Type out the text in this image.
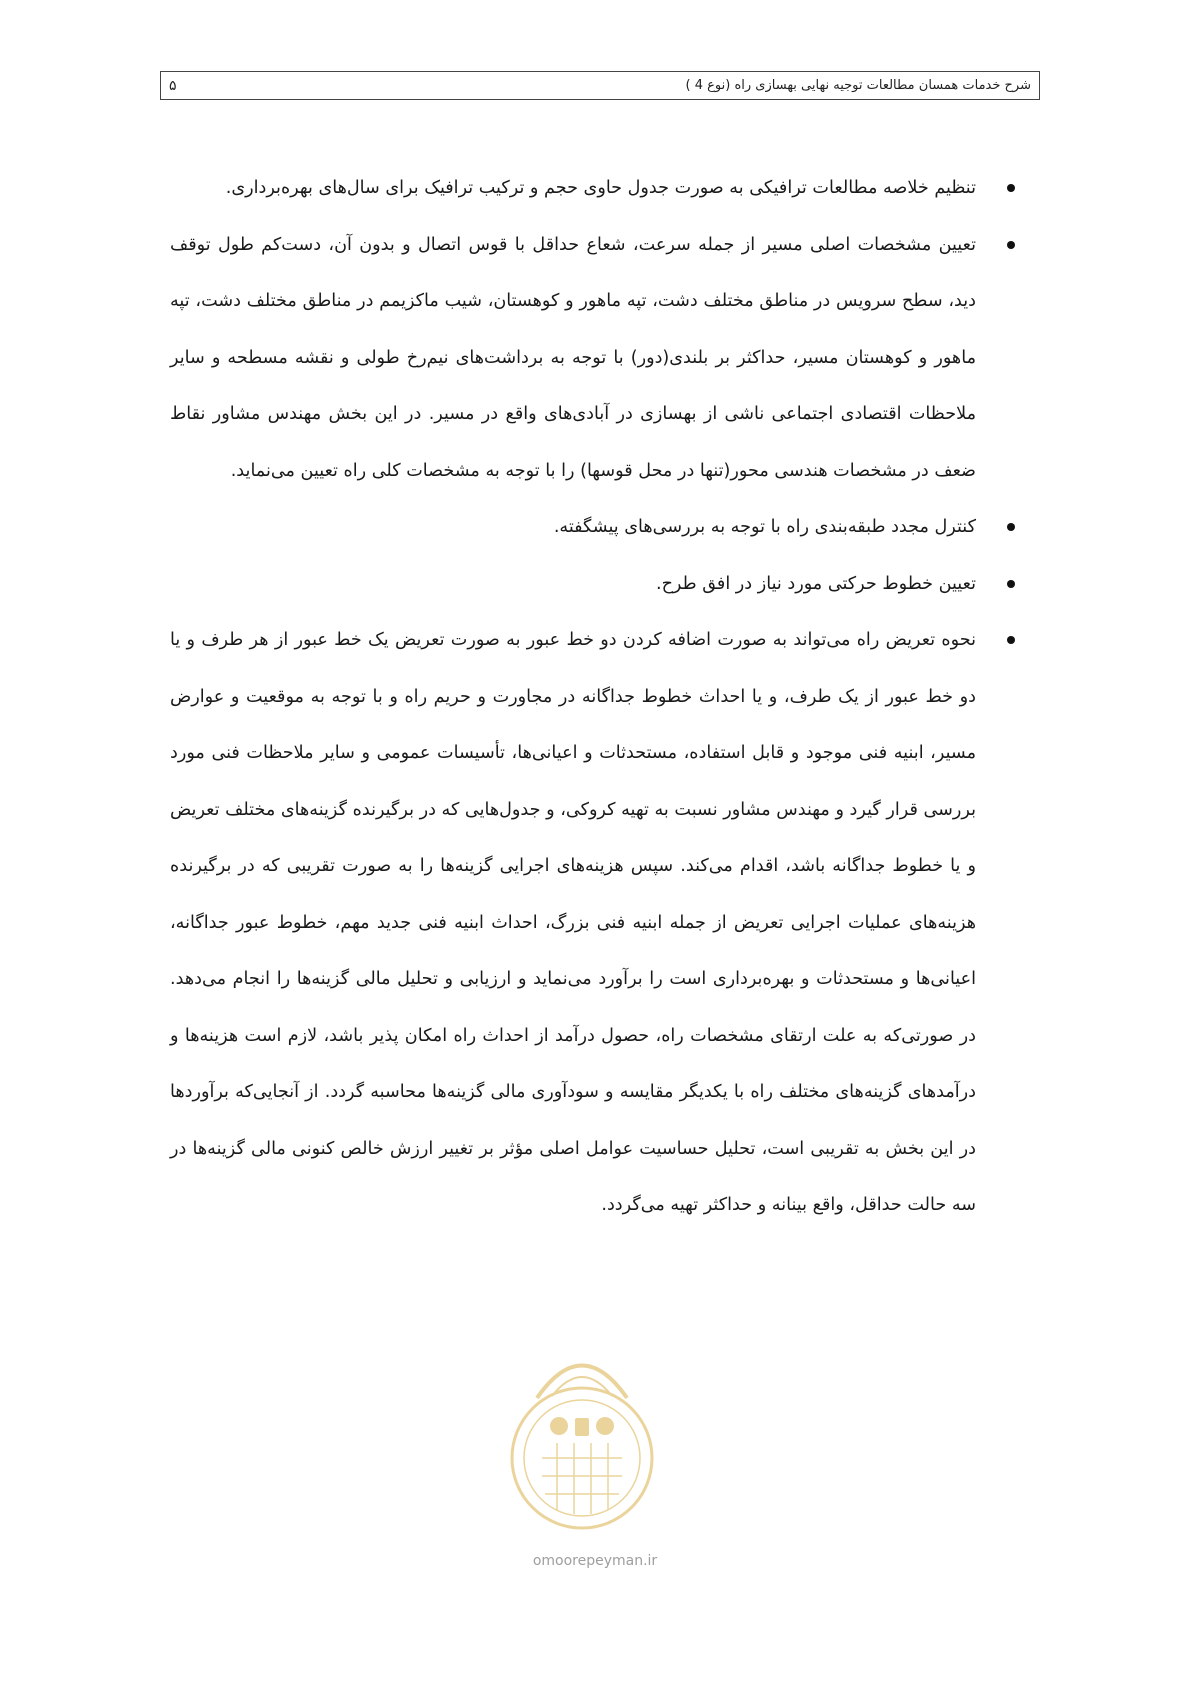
شرح خدمات همسان مطالعات توجیه نهایی بهسازی راه (نوع 4 )
۵
تنظیم خلاصه مطالعات ترافیکی به صورت جدول حاوی حجم و ترکیب ترافیک برای سال‌های بهره‌برداری.
تعیین مشخصات اصلی مسیر از جمله سرعت، شعاع حداقل با قوس اتصال و بدون آن، دست‌کم طول توقف دید، سطح سرویس در مناطق مختلف دشت، تپه ماهور و کوهستان، شیب ماکزیمم در مناطق مختلف دشت، تپه ماهور و کوهستان مسیر، حداکثر بر بلندی(دور) با توجه به برداشت‌های نیم‌رخ طولی و نقشه مسطحه و سایر ملاحظات اقتصادی اجتماعی ناشی از بهسازی در آبادی‌های واقع در مسیر. در این بخش مهندس مشاور نقاط ضعف در مشخصات هندسی محور(تنها در محل قوسها) را با توجه به مشخصات کلی راه تعیین می‌نماید.
کنترل مجدد طبقه‌بندی راه با توجه به بررسی‌های پیشگفته.
تعیین خطوط حرکتی مورد نیاز در افق طرح.
نحوه تعریض راه می‌تواند به صورت اضافه کردن دو خط عبور به صورت تعریض یک خط عبور از هر طرف و یا دو خط عبور از یک طرف، و یا احداث خطوط جداگانه در مجاورت و حریم راه و با توجه به موقعیت و عوارض مسیر، ابنیه فنی موجود و قابل استفاده، مستحدثات و اعیانی‌ها، تأسیسات عمومی و سایر ملاحظات فنی مورد بررسی قرار گیرد و مهندس مشاور نسبت به تهیه کروکی، و جدول‌هایی که در برگیرنده گزینه‌های مختلف تعریض و یا خطوط جداگانه باشد، اقدام می‌کند. سپس هزینه‌های اجرایی گزینه‌ها را به صورت تقریبی که در برگیرنده هزینه‌های عملیات اجرایی تعریض از جمله ابنیه فنی بزرگ، احداث ابنیه فنی جدید مهم، خطوط عبور جداگانه، اعیانی‌ها و مستحدثات و بهره‌برداری است را برآورد می‌نماید و ارزیابی و تحلیل مالی گزینه‌ها را انجام می‌دهد. در صورتی‌که به علت ارتقای مشخصات راه، حصول درآمد از احداث راه امکان پذیر باشد، لازم است هزینه‌ها و درآمدهای گزینه‌های مختلف راه با یکدیگر مقایسه و سودآوری مالی گزینه‌ها محاسبه گردد. از آنجایی‌که برآوردها در این بخش به تقریبی است، تحلیل حساسیت عوامل اصلی مؤثر بر تغییر ارزش خالص کنونی مالی گزینه‌ها در سه حالت حداقل، واقع بینانه و حداکثر تهیه می‌گردد.
omoorepeyman.ir
